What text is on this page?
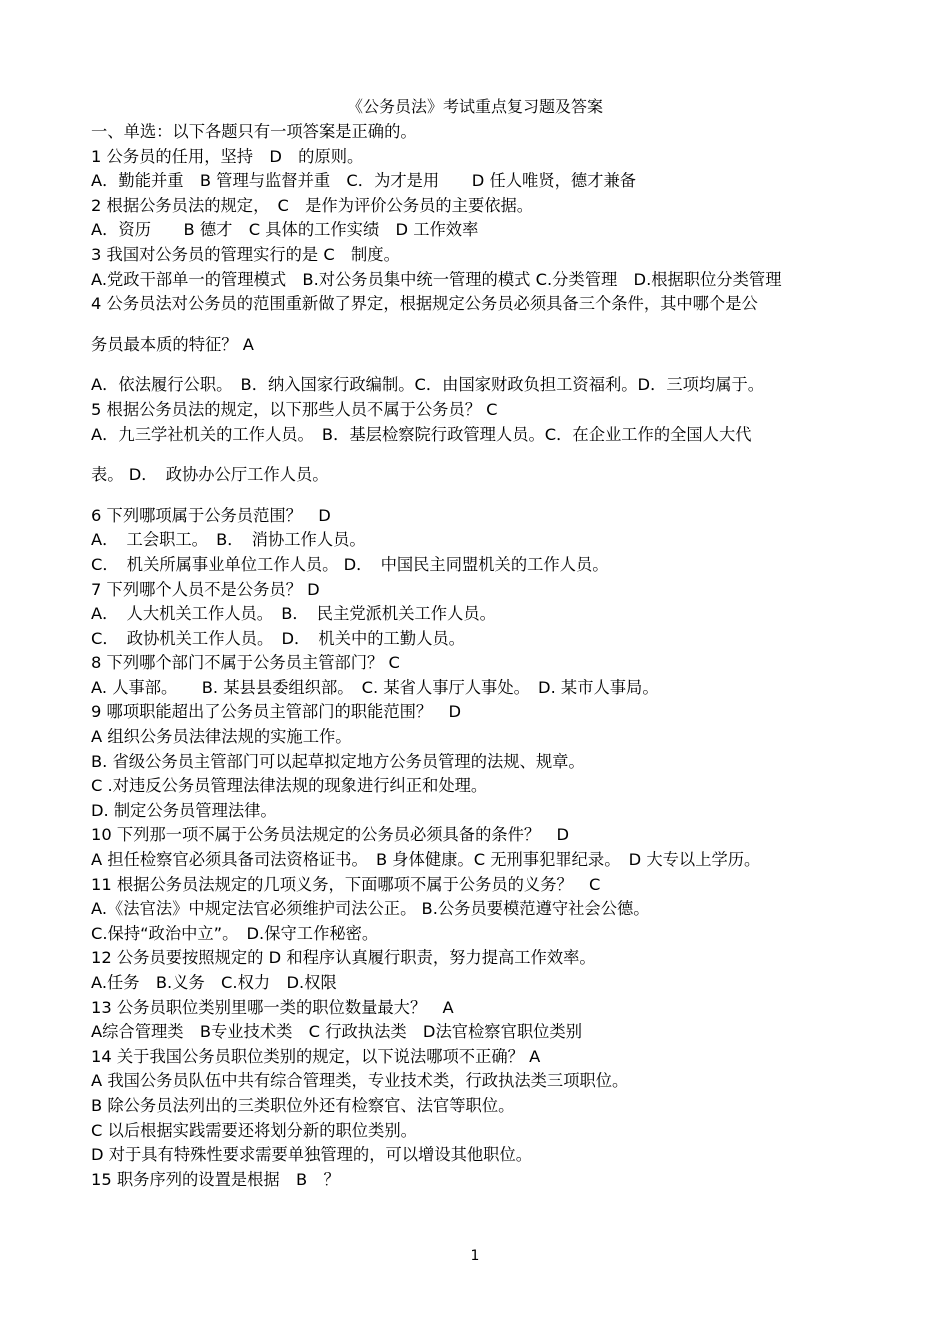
《公务员法》考试重点复习题及答案
一、单选：以下各题只有一项答案是正确的。
1 公务员的任用，坚持　D　的原则。
A．勤能并重　B 管理与监督并重　C．为才是用　　D 任人唯贤，德才兼备
2 根据公务员法的规定，　C　是作为评价公务员的主要依据。
A．资历　　B 德才　C 具体的工作实绩　D 工作效率
3 我国对公务员的管理实行的是 C　制度。
A.党政干部单一的管理模式　B.对公务员集中统一管理的模式 C.分类管理　D.根据职位分类管理
4 公务员法对公务员的范围重新做了界定，根据规定公务员必须具备三个条件，其中哪个是公
务员最本质的特征？ A
A．依法履行公职。　B．纳入国家行政编制。C．由国家财政负担工资福利。D．三项均属于。
5 根据公务员法的规定，以下那些人员不属于公务员？ C
A．九三学社机关的工作人员。　B．基层检察院行政管理人员。C．在企业工作的全国人大代
表。 D．　政协办公厅工作人员。
6 下列哪项属于公务员范围？　D
A．　工会职工。　B．　消协工作人员。
C．　机关所属事业单位工作人员。 D．　中国民主同盟机关的工作人员。
7 下列哪个人员不是公务员？ D
A．　人大机关工作人员。　B．　民主党派机关工作人员。
C．　政协机关工作人员。　D．　机关中的工勤人员。
8 下列哪个部门不属于公务员主管部门？ C
A. 人事部。　　B. 某县县委组织部。　C. 某省人事厅人事处。　D. 某市人事局。
9 哪项职能超出了公务员主管部门的职能范围？　D
A 组织公务员法律法规的实施工作。
B. 省级公务员主管部门可以起草拟定地方公务员管理的法规、规章。
C .对违反公务员管理法律法规的现象进行纠正和处理。
D. 制定公务员管理法律。
10 下列那一项不属于公务员法规定的公务员必须具备的条件？　D
A 担任检察官必须具备司法资格证书。　B 身体健康。C 无刑事犯罪纪录。　D 大专以上学历。
11 根据公务员法规定的几项义务，下面哪项不属于公务员的义务？　C
A.《法官法》中规定法官必须维护司法公正。 B.公务员要模范遵守社会公德。
C.保持“政治中立”。　D.保守工作秘密。
12 公务员要按照规定的 D 和程序认真履行职责，努力提高工作效率。
A.任务　B.义务　C.权力　D.权限
13 公务员职位类别里哪一类的职位数量最大？　A
A综合管理类　B专业技术类　C 行政执法类　D法官检察官职位类别
14 关于我国公务员职位类别的规定，以下说法哪项不正确？ A
A 我国公务员队伍中共有综合管理类，专业技术类，行政执法类三项职位。
B 除公务员法列出的三类职位外还有检察官、法官等职位。
C 以后根据实践需要还将划分新的职位类别。
D 对于具有特殊性要求需要单独管理的，可以增设其他职位。
15 职务序列的设置是根据　B　？
1
